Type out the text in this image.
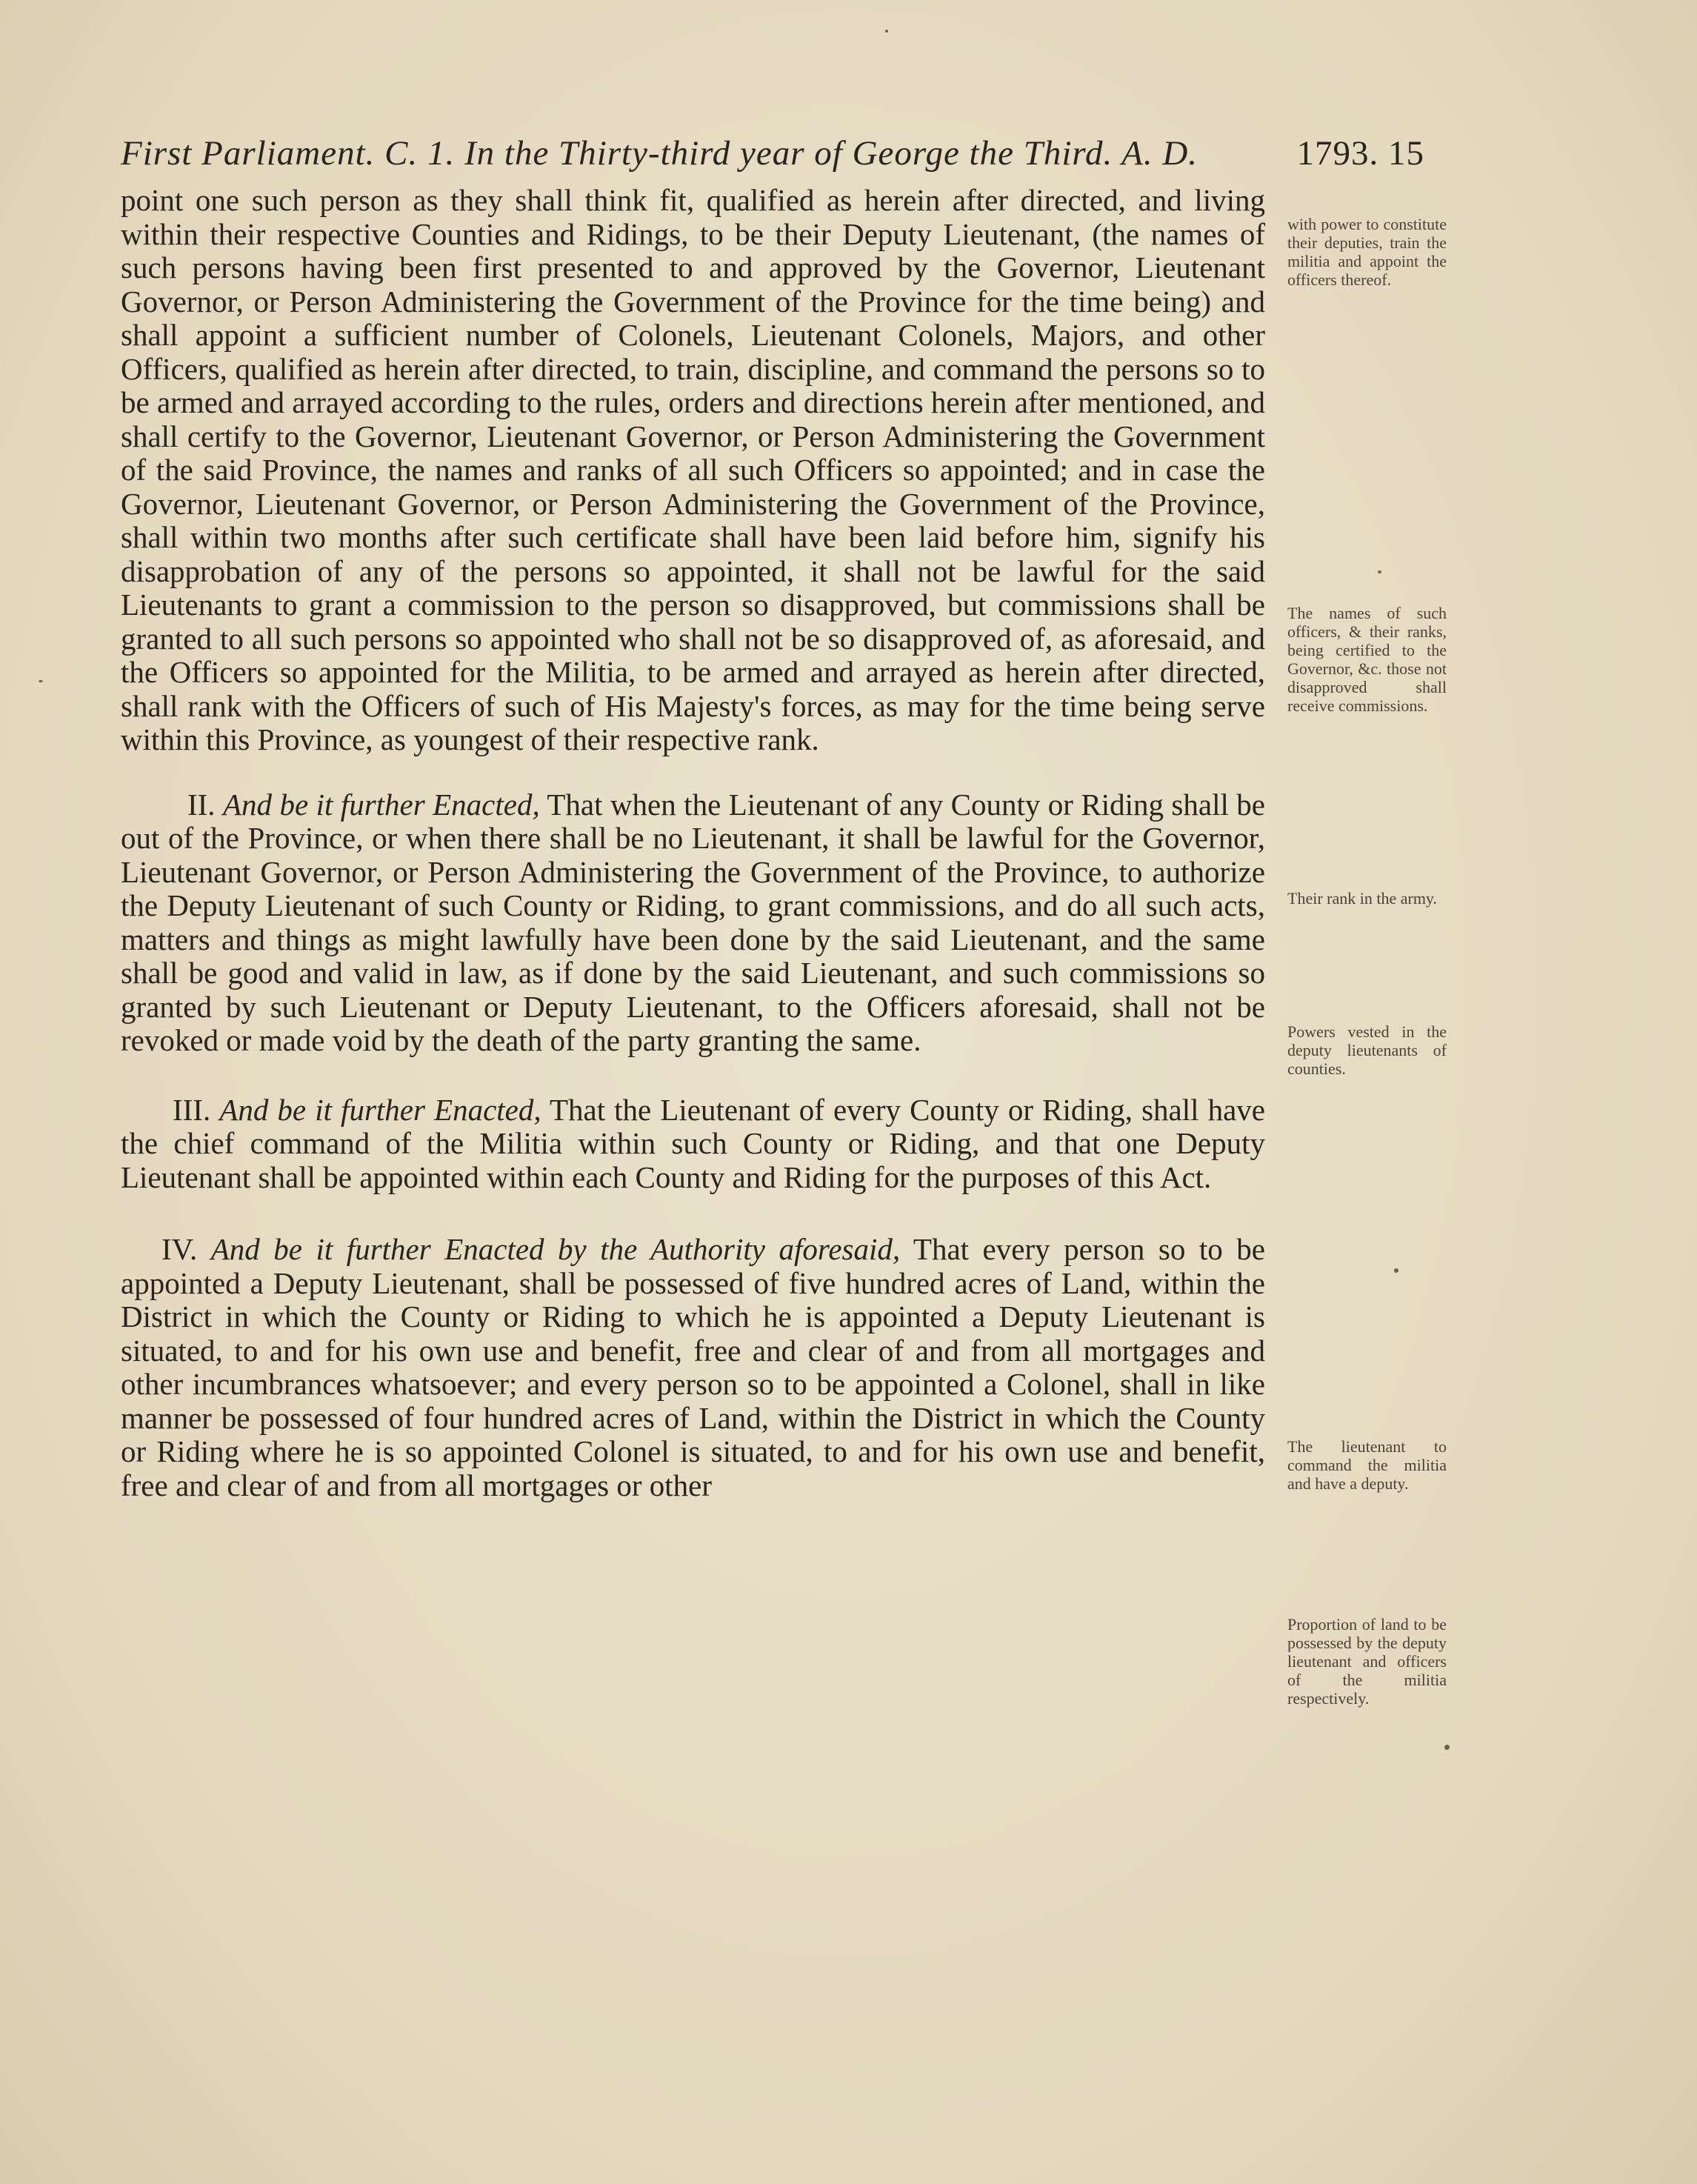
First Parliament. C. 1. In the Thirty-third year of George the Third. A. D.	1793. 15

point one such person as they shall think fit, qualified as herein after directed, and living within their respective Counties and Ridings, to be their Deputy Lieutenant, (the names of such persons having been first presented to and approved by the Governor, Lieutenant Governor, or Person Administering the Government of the Province for the time being) and shall appoint a sufficient number of Colonels, Lieutenant Colonels, Majors, and other Officers, qualified as herein after directed, to train, discipline, and command the persons so to be armed and arrayed according to the rules, orders and directions herein after mentioned, and shall certify to the Governor, Lieutenant Governor, or Person Administering the Government of the said Province, the names and ranks of all such Officers so appointed; and in case the Governor, Lieutenant Governor, or Person Administering the Government of the Province, shall within two months after such certificate shall have been laid before him, signify his disapprobation of any of the persons so appointed, it shall not be lawful for the said Lieutenants to grant a commission to the person so disapproved, but commissions shall be granted to all such persons so appointed who shall not be so disapproved of, as aforesaid, and the Officers so appointed for the Militia, to be armed and arrayed as herein after directed, shall rank with the Officers of such of His Majesty's forces, as may for the time being serve within this Province, as youngest of their respective rank.

II. And be it further Enacted, That when the Lieutenant of any County or Riding shall be out of the Province, or when there shall be no Lieutenant, it shall be lawful for the Governor, Lieutenant Governor, or Person Administering the Government of the Province, to authorize the Deputy Lieutenant of such County or Riding, to grant commissions, and do all such acts, matters and things as might lawfully have been done by the said Lieutenant, and the same shall be good and valid in law, as if done by the said Lieutenant, and such commissions so granted by such Lieutenant or Deputy Lieutenant, to the Officers aforesaid, shall not be revoked or made void by the death of the party granting the same.

III. And be it further Enacted, That the Lieutenant of every County or Riding, shall have the chief command of the Militia within such County or Riding, and that one Deputy Lieutenant shall be appointed within each County and Riding for the purposes of this Act.

IV. And be it further Enacted by the Authority aforesaid, That every person so to be appointed a Deputy Lieutenant, shall be possessed of five hundred acres of Land, within the District in which the County or Riding to which he is appointed a Deputy Lieutenant is situated, to and for his own use and benefit, free and clear of and from all mortgages and other incumbrances whatsoever; and every person so to be appointed a Colonel, shall in like manner be possessed of four hundred acres of Land, within the District in which the County or Riding where he is so appointed Colonel is situated, to and for his own use and benefit, free and clear of and from all mortgages or other

with power to constitute their deputies, train the militia and appoint the officers thereof.
The names of such officers, & their ranks, being certified to the Governor, &c. those not disapproved shall receive commissions.
Their rank in the army.
Powers vested in the deputy lieutenants of counties.
The lieutenant to command the militia and have a deputy.
Proportion of land to be possessed by the deputy lieutenant and officers of the militia respectively.
